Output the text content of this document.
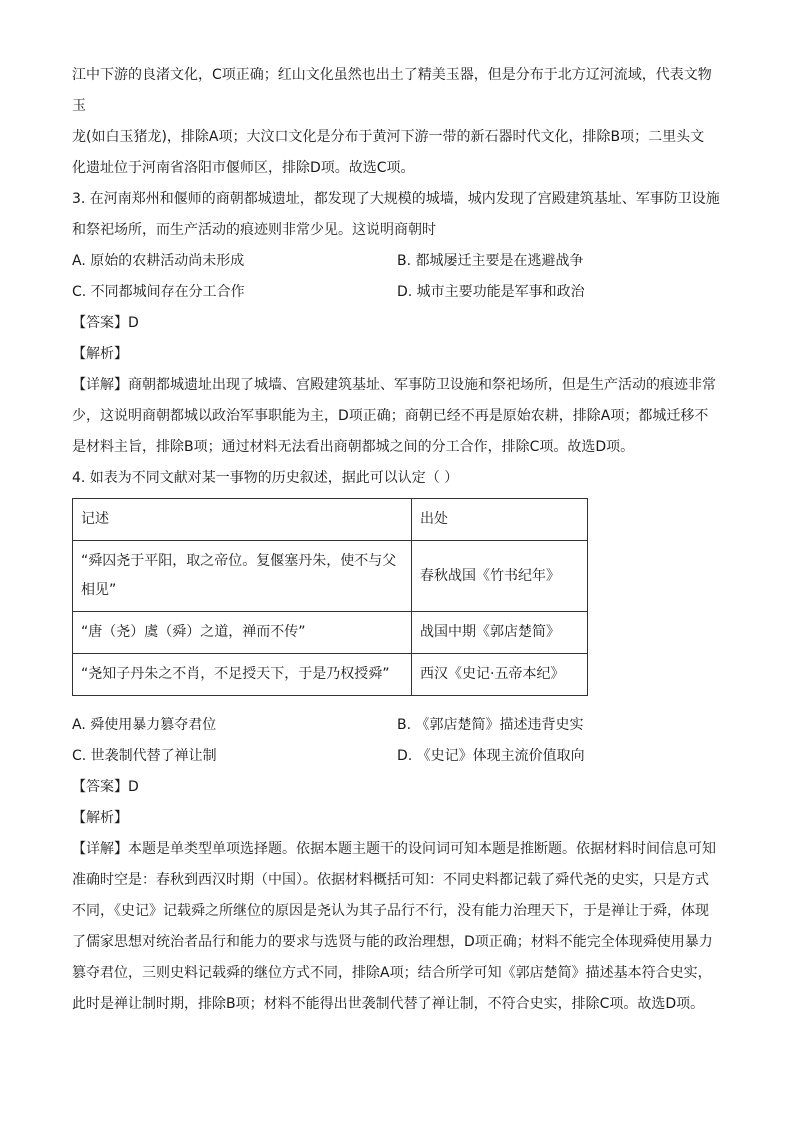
江中下游的良渚文化，C项正确；红山文化虽然也出土了精美玉器，但是分布于北方辽河流域，代表文物玉

龙(如白玉猪龙)，排除A项；大汶口文化是分布于黄河下游一带的新石器时代文化，排除B项；二里头文

化遗址位于河南省洛阳市偃师区，排除D项。故选C项。

3. 在河南郑州和偃师的商朝都城遗址，都发现了大规模的城墙，城内发现了宫殿建筑基址、军事防卫设施

和祭祀场所，而生产活动的痕迹则非常少见。这说明商朝时

A. 原始的农耕活动尚未形成	B. 都城屡迁主要是在逃避战争
C. 不同都城间存在分工合作	D. 城市主要功能是军事和政治

【答案】D

【解析】

【详解】商朝都城遗址出现了城墙、宫殿建筑基址、军事防卫设施和祭祀场所，但是生产活动的痕迹非常

少，这说明商朝都城以政治军事职能为主，D项正确；商朝已经不再是原始农耕，排除A项；都城迁移不

是材料主旨，排除B项；通过材料无法看出商朝都城之间的分工合作，排除C项。故选D项。

4. 如表为不同文献对某一事物的历史叙述，据此可以认定（ ）

记述	出处

“舜囚尧于平阳，取之帝位。复偃塞丹朱，使不与父
相见”	春秋战国《竹书纪年》

“唐（尧）虞（舜）之道，禅而不传”	战国中期《郭店楚简》

“尧知子丹朱之不肖，不足授天下，于是乃权授舜”	西汉《史记·五帝本纪》
A. 舜使用暴力篡夺君位	B. 《郭店楚简》描述违背史实
C. 世袭制代替了禅让制	D. 《史记》体现主流价值取向

【答案】D

【解析】

【详解】本题是单类型单项选择题。依据本题主题干的设问词可知本题是推断题。依据材料时间信息可知

准确时空是：春秋到西汉时期（中国）。依据材料概括可知：不同史料都记载了舜代尧的史实，只是方式

不同，《史记》记载舜之所继位的原因是尧认为其子品行不行，没有能力治理天下，于是禅让于舜，体现

了儒家思想对统治者品行和能力的要求与选贤与能的政治理想，D项正确；材料不能完全体现舜使用暴力

篡夺君位，三则史料记载舜的继位方式不同，排除A项；结合所学可知《郭店楚简》描述基本符合史实，

此时是禅让制时期，排除B项；材料不能得出世袭制代替了禅让制，不符合史实，排除C项。故选D项。
